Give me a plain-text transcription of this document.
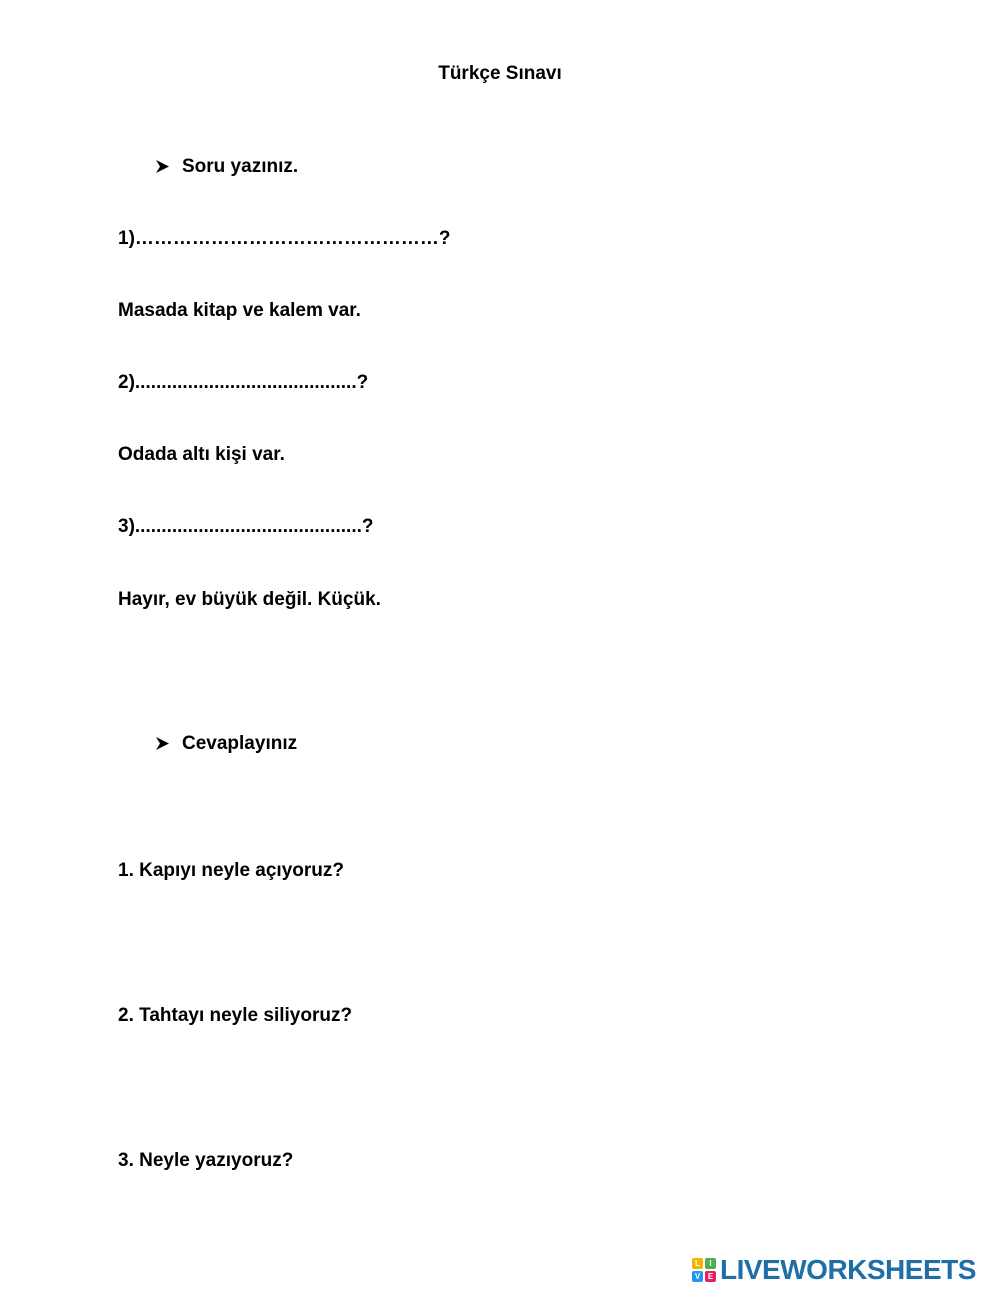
Türkçe Sınavı
Soru yazınız.
1)…………………………………………?
Masada kitap ve kalem var.
2)..........................................?
Odada altı kişi var.
3)...........................................?
Hayır, ev büyük değil. Küçük.
Cevaplayınız
1. Kapıyı neyle açıyoruz?
2. Tahtayı neyle siliyoruz?
3. Neyle yazıyoruz?
L	I
V E LIVEWORKSHEETS
